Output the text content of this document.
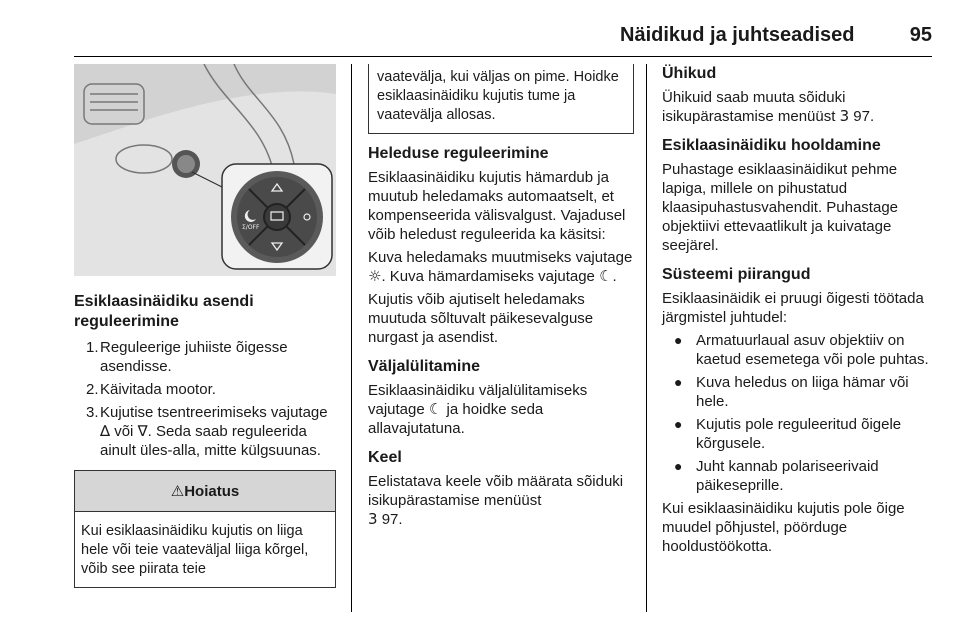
Näidikud ja juhtseadised	95
Σ/OFF
Esiklaasinäidiku asendi reguleerimine
1. Reguleerige juhiiste õigesse asendisse.
2. Käivitada mootor.
3. Kujutise tsentreerimiseks vajutage ∆ või ∇. Seda saab reguleerida ainult üles-alla, mitte külgsuunas.
⚠ Hoiatus
Kui esiklaasinäidiku kujutis on liiga hele või teie vaateväljal liiga kõrgel, võib see piirata teie
vaatevälja, kui väljas on pime. Hoidke esiklaasinäidiku kujutis tume ja vaatevälja allosas.
Heleduse reguleerimine

Esiklaasinäidiku kujutis hämardub ja muutub heledamaks automaatselt, et kompenseerida välisvalgust. Vajadusel võib heledust reguleerida ka käsitsi:

Kuva heledamaks muutmiseks vajutage ☼. Kuva hämardamiseks vajutage ☾.

Kujutis võib ajutiselt heledamaks muutuda sõltuvalt päikesevalguse nurgast ja asendist.

Väljalülitamine

Esiklaasinäidiku väljalülitamiseks vajutage ☾ ja hoidke seda allavajutatuna.

Keel

Eelistatava keele võib määrata sõiduki isikupärastamise menüüst
3 97.

Ühikud

Ühikuid saab muuta sõiduki isikupärastamise menüüst 3 97.

Esiklaasinäidiku hooldamine

Puhastage esiklaasinäidikut pehme lapiga, millele on pihustatud klaasipuhastusvahendit. Puhastage objektiivi ettevaatlikult ja kuivatage seejärel.

Süsteemi piirangud

Esiklaasinäidik ei pruugi õigesti töötada järgmistel juhtudel:

● Armatuurlaual asuv objektiiv on kaetud esemetega või pole puhtas.
● Kuva heledus on liiga hämar või hele.
● Kujutis pole reguleeritud õigele kõrgusele.
● Juht kannab polariseerivaid päikeseprille.

Kui esiklaasinäidiku kujutis pole õige muudel põhjustel, pöörduge hooldustöökotta.
